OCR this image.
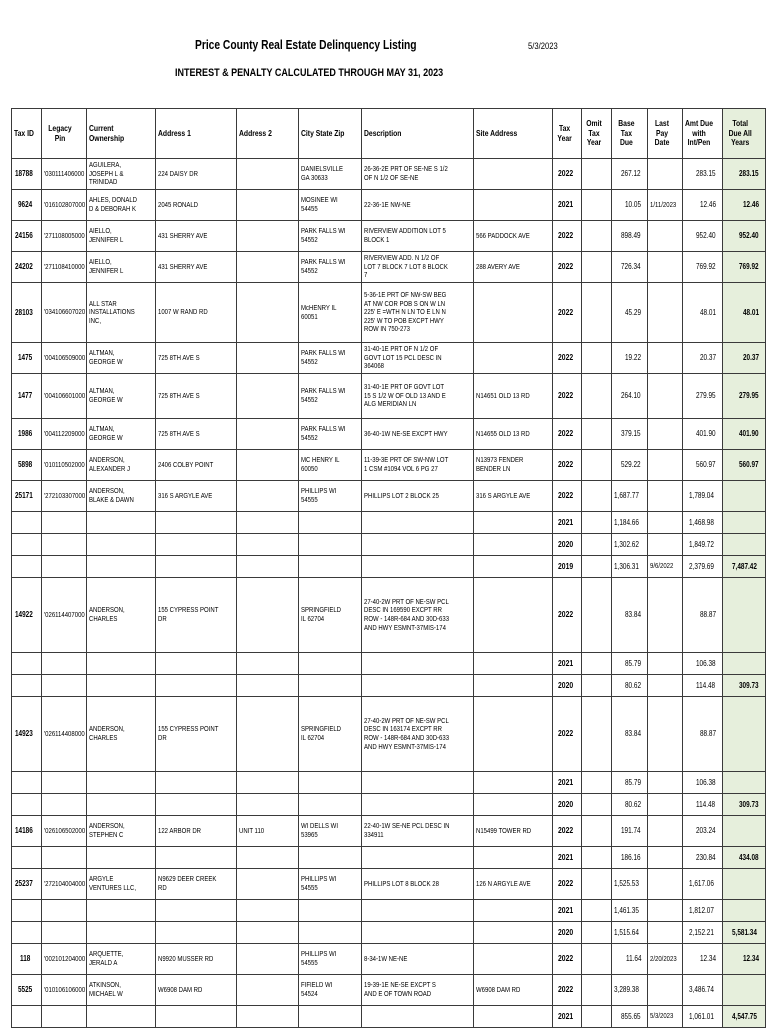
Price County Real Estate Delinquency Listing	5/3/2023
INTEREST & PENALTY CALCULATED THROUGH MAY 31, 2023
Tax ID	Legacy Pin	Current Ownership	Address 1	Address 2	City State Zip	Description	Site Address	Tax Year	Omit Tax Year	Base Tax Due	Last Pay Date	Amt Due with Int/Pen	Total Due All Years
18788	'030111406000	AGUILERA, JOSEPH L & TRINIDAD	224 DAISY DR		DANIELSVILLE GA 30633	26-36-2E PRT OF SE-NE S 1/2 OF N 1/2 OF SE-NE		2022		267.12		283.15	283.15
9624	'016102807000	AHLES, DONALD D & DEBORAH K	2045 RONALD		MOSINEE WI 54455	22-36-1E NW-NE		2021		10.05	1/11/2023	12.46	12.46
24156	'271108005000	AIELLO, JENNIFER L	431 SHERRY AVE		PARK FALLS WI 54552	RIVERVIEW ADDITION LOT 5 BLOCK 1	566 PADDOCK AVE	2022		898.49		952.40	952.40
24202	'271108410000	AIELLO, JENNIFER L	431 SHERRY AVE		PARK FALLS WI 54552	RIVERVIEW ADD. N 1/2 OF LOT 7 BLOCK 7 LOT 8 BLOCK 7	288 AVERY AVE	2022		726.34		769.92	769.92
28103	'034106607020	ALL STAR INSTALLATIONS INC,	1007 W RAND RD		McHENRY IL 60051	5-36-1E PRT OF NW-SW BEG AT NW COR POB S ON W LN 225' E =WTH N LN TO E LN N 225' W TO POB EXCPT HWY ROW IN 750-273		2022		45.29		48.01	48.01
1475	'004106509000	ALTMAN, GEORGE W	725 8TH AVE S		PARK FALLS WI 54552	31-40-1E PRT OF N 1/2 OF GOVT LOT 15 PCL DESC IN 364068		2022		19.22		20.37	20.37
1477	'004106601000	ALTMAN, GEORGE W	725 8TH AVE S		PARK FALLS WI 54552	31-40-1E PRT OF GOVT LOT 15 S 1/2 W OF OLD 13 AND E ALG MERIDIAN LN	N14651 OLD 13 RD	2022		264.10		279.95	279.95
1986	'004112209000	ALTMAN, GEORGE W	725 8TH AVE S		PARK FALLS WI 54552	36-40-1W NE-SE EXCPT HWY	N14655 OLD 13 RD	2022		379.15		401.90	401.90
5898	'010110502000	ANDERSON, ALEXANDER J	2406 COLBY POINT		MC HENRY IL 60050	11-39-3E PRT OF SW-NW LOT 1 CSM #1094 VOL 6 PG 27	N13973 FENDER BENDER LN	2022		529.22		560.97	560.97
25171	'272103307000	ANDERSON, BLAKE & DAWN	316 S ARGYLE AVE		PHILLIPS WI 54555	PHILLIPS LOT 2 BLOCK 25	316 S ARGYLE AVE	2022		1,687.77		1,789.04	
								2021		1,184.66		1,468.98	
								2020		1,302.62		1,849.72	
								2019		1,306.31	9/6/2022	2,379.69	7,487.42
14922	'026114407000	ANDERSON, CHARLES	155 CYPRESS POINT DR		SPRINGFIELD IL 62704	27-40-2W PRT OF NE-SW PCL DESC IN 169590 EXCPT RR ROW - 148R-684 AND 30D-633 AND HWY ESMNT-37MIS-174		2022		83.84		88.87	
								2021		85.79		106.38	
								2020		80.62		114.48	309.73
14923	'026114408000	ANDERSON, CHARLES	155 CYPRESS POINT DR		SPRINGFIELD IL 62704	27-40-2W PRT OF NE-SW PCL DESC IN 163174 EXCPT RR ROW - 148R-684 AND 30D-633 AND HWY ESMNT-37MIS-174		2022		83.84		88.87	
								2021		85.79		106.38	
								2020		80.62		114.48	309.73
14186	'026106502000	ANDERSON, STEPHEN C	122 ARBOR DR	UNIT 110	WI DELLS WI 53965	22-40-1W SE-NE PCL DESC IN 334911	N15499 TOWER RD	2022		191.74		203.24	
								2021		186.16		230.84	434.08
25237	'272104004000	ARGYLE VENTURES LLC,	N9629 DEER CREEK RD		PHILLIPS WI 54555	PHILLIPS LOT 8 BLOCK 28	126 N ARGYLE AVE	2022		1,525.53		1,617.06	
								2021		1,461.35		1,812.07	
								2020		1,515.64		2,152.21	5,581.34
118	'002101204000	ARQUETTE, JERALD A	N9920 MUSSER RD		PHILLIPS WI 54555	8-34-1W NE-NE		2022		11.64	2/20/2023	12.34	12.34
5525	'010106106000	ATKINSON, MICHAEL W	W6908 DAM RD		FIFIELD WI 54524	19-39-1E NE-SE EXCPT S AND E OF TOWN ROAD	W6908 DAM RD	2022		3,289.38		3,486.74	
								2021		855.65	5/3/2023	1,061.01	4,547.75
